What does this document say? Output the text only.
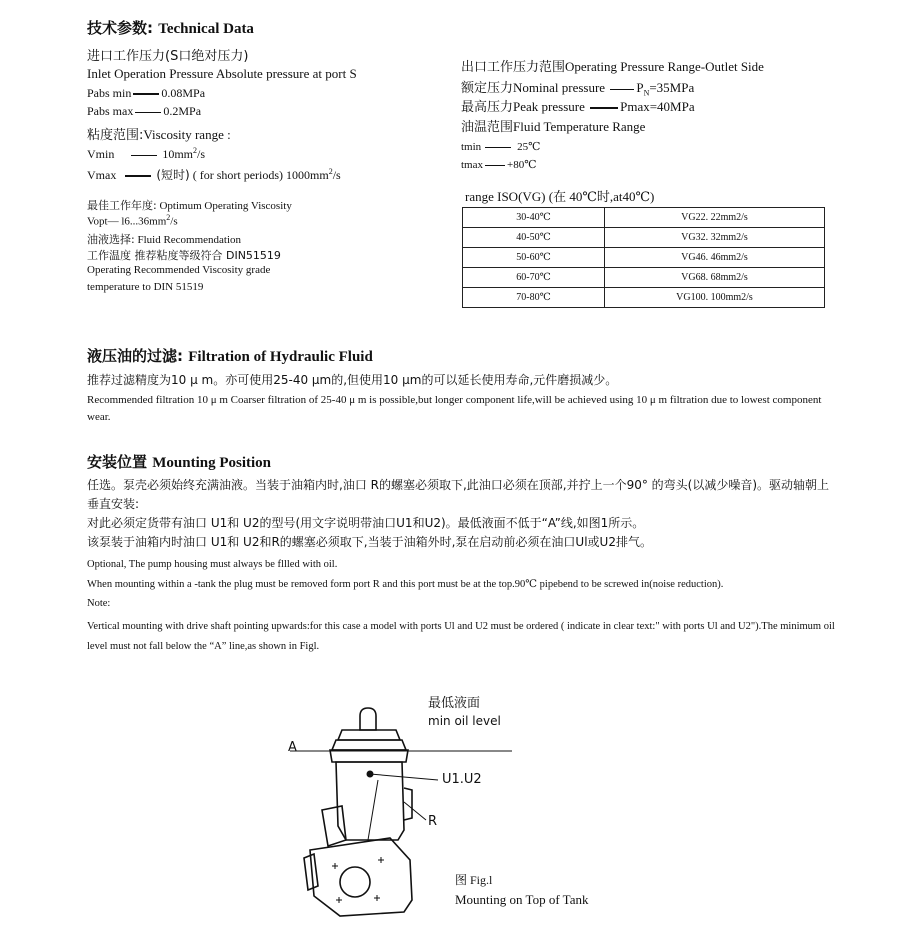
技术参数: Technical Data
进口工作压力(S口绝对压力)
Inlet Operation Pressure Absolute pressure at port S
Pabs min	0.08MPa
Pabs max	0.2MPa
粘度范围:Viscosity range :
Vmin	$10mm^2/s$
Vmax	(短时) ( for short periods) $1000mm^2/s$
最佳工作年度: Optimum Operating Viscosity
Vopt— $l6...36mm^2/s$
油液选择: Fluid Recommendation
工作温度 推荐粘度等级符合 DIN51519
Operating Recommended Viscosity grade
temperature to DIN 51519
出口工作压力范围Operating Pressure Range-Outlet Side
额定压力Nominal pressure $P_N=35MPa$
最高压力Peak pressure	Pmax=40MPa
油温范围Fluid Temperature Range
tmin	25℃
tmax +80℃
range ISO(VG) (在 40℃时,at40℃)
30-40℃	VG22. 22mm2/s
40-50℃	VG32. 32mm2/s
50-60℃	VG46. 46mm2/s
60-70℃	VG68. 68mm2/s
70-80℃	VG100. 100mm2/s
液压油的过滤: Filtration of Hydraulic Fluid
推荐过滤精度为10 μ m。亦可使用25-40 μm的,但使用10 μm的可以延长使用寿命,元件磨损减少。
Recommended filtration 10 μ m Coarser filtration of 25-40 μ m is possible,but longer component life,will be achieved using 10 μ m filtration due to lowest component wear.
安装位置 Mounting Position
任选。泵壳必须始终充满油液。当装于油箱内时,油口 R的螺塞必须取下,此油口必须在顶部,并拧上一个90° 的弯头(以减少噪音)。驱动轴朝上垂直安装:
对此必须定货带有油口 U1和 U2的型号(用文字说明带油口U1和U2)。最低液面不低于“A”线,如图1所示。
该泵装于油箱内时油口 U1和 U2和R的螺塞必须取下,当装于油箱外时,泵在启动前必须在油口Ul或U2排气。
Optional, The pump housing must always be fllled with oil.
When mounting within a -tank the plug must be removed form port R and this port must be at the top.90℃ pipebend to be screwed in(noise reduction).
Note:
Vertical mounting with drive shaft pointing upwards:for this case a model with ports Ul and U2 must be ordered ( indicate in clear text:" with ports Ul and U2").The minimum oil level must not fall below the “A” line,as shown in Figl.
最低液面
min oil level
A
U1.U2
R
图 Fig.l
Mounting on Top of Tank
